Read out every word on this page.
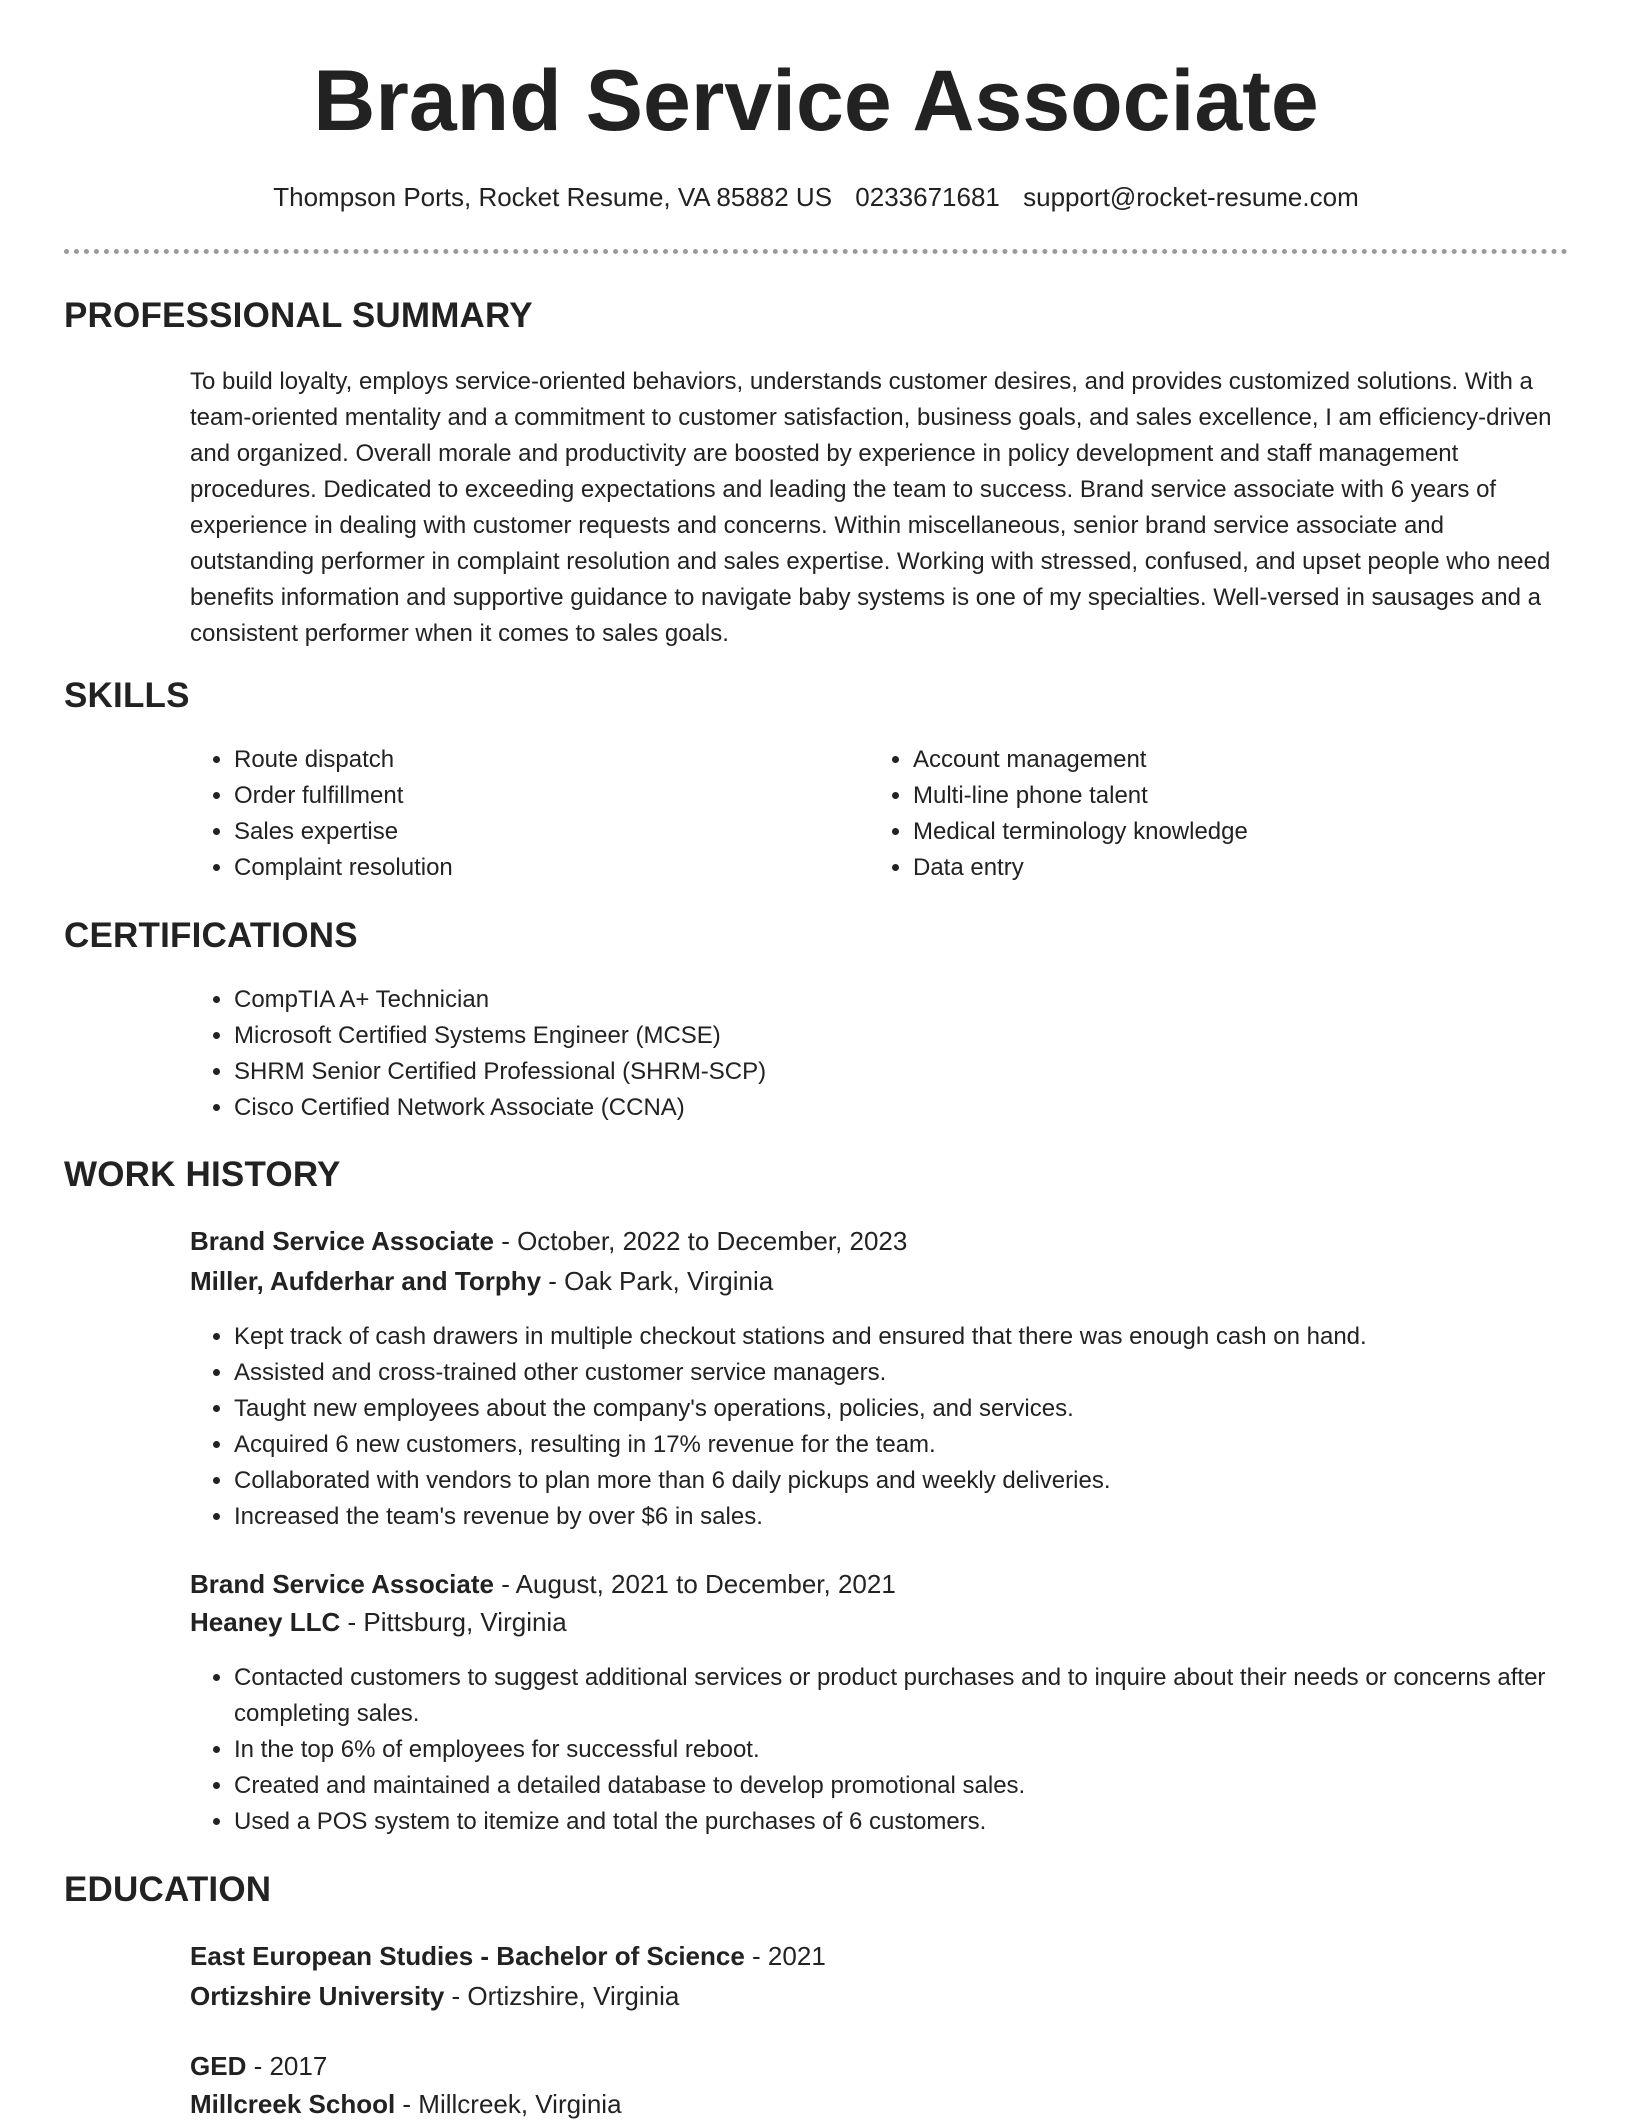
Brand Service Associate
Thompson Ports, Rocket Resume, VA 85882 US 0233671681 support@rocket-resume.com
PROFESSIONAL SUMMARY

To build loyalty, employs service-oriented behaviors, understands customer desires, and provides customized solutions. With a team-oriented mentality and a commitment to customer satisfaction, business goals, and sales excellence, I am efficiency-driven and organized. Overall morale and productivity are boosted by experience in policy development and staff management procedures. Dedicated to exceeding expectations and leading the team to success. Brand service associate with 6 years of experience in dealing with customer requests and concerns. Within miscellaneous, senior brand service associate and outstanding performer in complaint resolution and sales expertise. Working with stressed, confused, and upset people who need benefits information and supportive guidance to navigate baby systems is one of my specialties. Well-versed in sausages and a consistent performer when it comes to sales goals.

SKILLS
• Route dispatch
• Order fulfillment
• Sales expertise
• Complaint resolution
• Account management
• Multi-line phone talent
• Medical terminology knowledge
• Data entry
CERTIFICATIONS
• CompTIA A+ Technician
• Microsoft Certified Systems Engineer (MCSE)
• SHRM Senior Certified Professional (SHRM-SCP)
• Cisco Certified Network Associate (CCNA)
WORK HISTORY
Brand Service Associate - October, 2022 to December, 2023
Miller, Aufderhar and Torphy - Oak Park, Virginia
• Kept track of cash drawers in multiple checkout stations and ensured that there was enough cash on hand.
• Assisted and cross-trained other customer service managers.
• Taught new employees about the company's operations, policies, and services.
• Acquired 6 new customers, resulting in 17% revenue for the team.
• Collaborated with vendors to plan more than 6 daily pickups and weekly deliveries.
• Increased the team's revenue by over $6 in sales.
Brand Service Associate - August, 2021 to December, 2021
Heaney LLC - Pittsburg, Virginia
• Contacted customers to suggest additional services or product purchases and to inquire about their needs or concerns after completing sales.
• In the top 6% of employees for successful reboot.
• Created and maintained a detailed database to develop promotional sales.
• Used a POS system to itemize and total the purchases of 6 customers.
EDUCATION
East European Studies - Bachelor of Science - 2021
Ortizshire University - Ortizshire, Virginia
GED - 2017
Millcreek School - Millcreek, Virginia
